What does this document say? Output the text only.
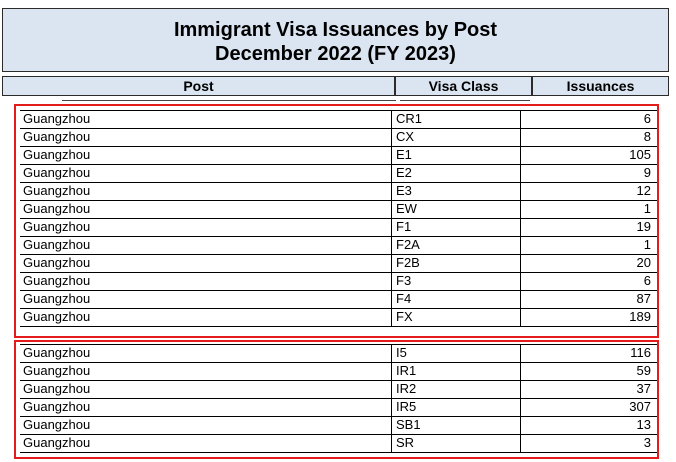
Immigrant Visa Issuances by Post
December 2022 (FY 2023)
Post	Visa Class	Issuances
Guangzhou	CR1	6
Guangzhou	CX	8
Guangzhou	E1	105
Guangzhou	E2	9
Guangzhou	E3	12
Guangzhou	EW	1
Guangzhou	F1	19
Guangzhou	F2A	1
Guangzhou	F2B	20
Guangzhou	F3	6
Guangzhou	F4	87
Guangzhou	FX	189
Guangzhou	I5	116
Guangzhou	IR1	59
Guangzhou	IR2	37
Guangzhou	IR5	307
Guangzhou	SB1	13
Guangzhou	SR	3
